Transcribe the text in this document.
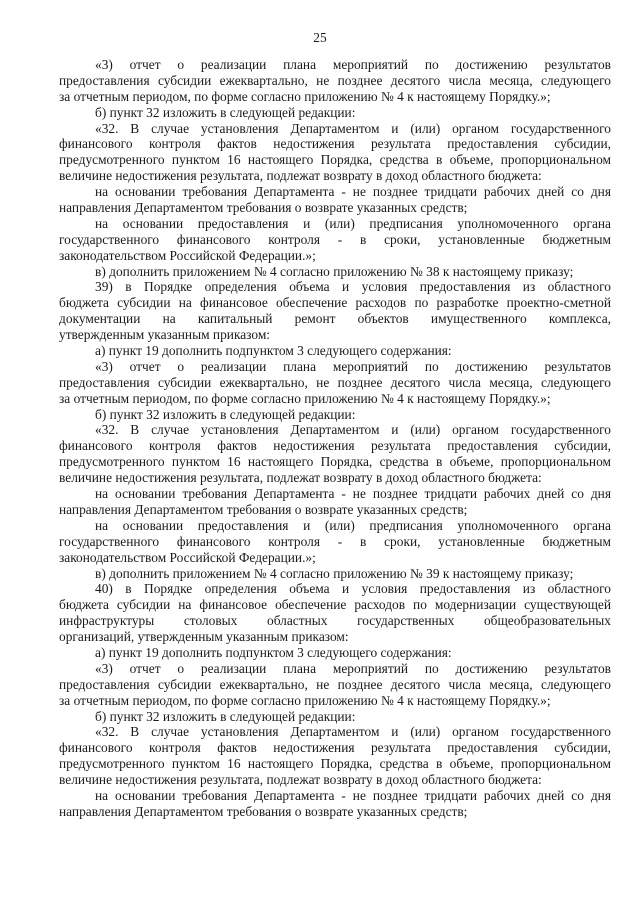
25
«3) отчет о реализации плана мероприятий по достижению результатов
предоставления субсидии ежеквартально, не позднее десятого числа месяца, следующего
за отчетным периодом, по форме согласно приложению № 4 к настоящему Порядку.»;
б) пункт 32 изложить в следующей редакции:
«32. В случае установления Департаментом и (или) органом государственного
финансового контроля фактов недостижения результата предоставления субсидии,
предусмотренного пунктом 16 настоящего Порядка, средства в объеме, пропорциональном
величине недостижения результата, подлежат возврату в доход областного бюджета:
на основании требования Департамента - не позднее тридцати рабочих дней со дня
направления Департаментом требования о возврате указанных средств;
на основании предоставления и (или) предписания уполномоченного органа
государственного финансового контроля - в сроки, установленные бюджетным
законодательством Российской Федерации.»;
в) дополнить приложением № 4 согласно приложению № 38 к настоящему приказу;
39) в Порядке определения объема и условия предоставления из областного
бюджета субсидии на финансовое обеспечение расходов по разработке проектно-сметной
документации на капитальный ремонт объектов имущественного комплекса,
утвержденным указанным приказом:
а) пункт 19 дополнить подпунктом 3 следующего содержания:
«3) отчет о реализации плана мероприятий по достижению результатов
предоставления субсидии ежеквартально, не позднее десятого числа месяца, следующего
за отчетным периодом, по форме согласно приложению № 4 к настоящему Порядку.»;
б) пункт 32 изложить в следующей редакции:
«32. В случае установления Департаментом и (или) органом государственного
финансового контроля фактов недостижения результата предоставления субсидии,
предусмотренного пунктом 16 настоящего Порядка, средства в объеме, пропорциональном
величине недостижения результата, подлежат возврату в доход областного бюджета:
на основании требования Департамента - не позднее тридцати рабочих дней со дня
направления Департаментом требования о возврате указанных средств;
на основании предоставления и (или) предписания уполномоченного органа
государственного финансового контроля - в сроки, установленные бюджетным
законодательством Российской Федерации.»;
в) дополнить приложением № 4 согласно приложению № 39 к настоящему приказу;
40) в Порядке определения объема и условия предоставления из областного
бюджета субсидии на финансовое обеспечение расходов по модернизации существующей
инфраструктуры столовых областных государственных общеобразовательных
организаций, утвержденным указанным приказом:
а) пункт 19 дополнить подпунктом 3 следующего содержания:
«3) отчет о реализации плана мероприятий по достижению результатов
предоставления субсидии ежеквартально, не позднее десятого числа месяца, следующего
за отчетным периодом, по форме согласно приложению № 4 к настоящему Порядку.»;
б) пункт 32 изложить в следующей редакции:
«32. В случае установления Департаментом и (или) органом государственного
финансового контроля фактов недостижения результата предоставления субсидии,
предусмотренного пунктом 16 настоящего Порядка, средства в объеме, пропорциональном
величине недостижения результата, подлежат возврату в доход областного бюджета:
на основании требования Департамента - не позднее тридцати рабочих дней со дня
направления Департаментом требования о возврате указанных средств;
